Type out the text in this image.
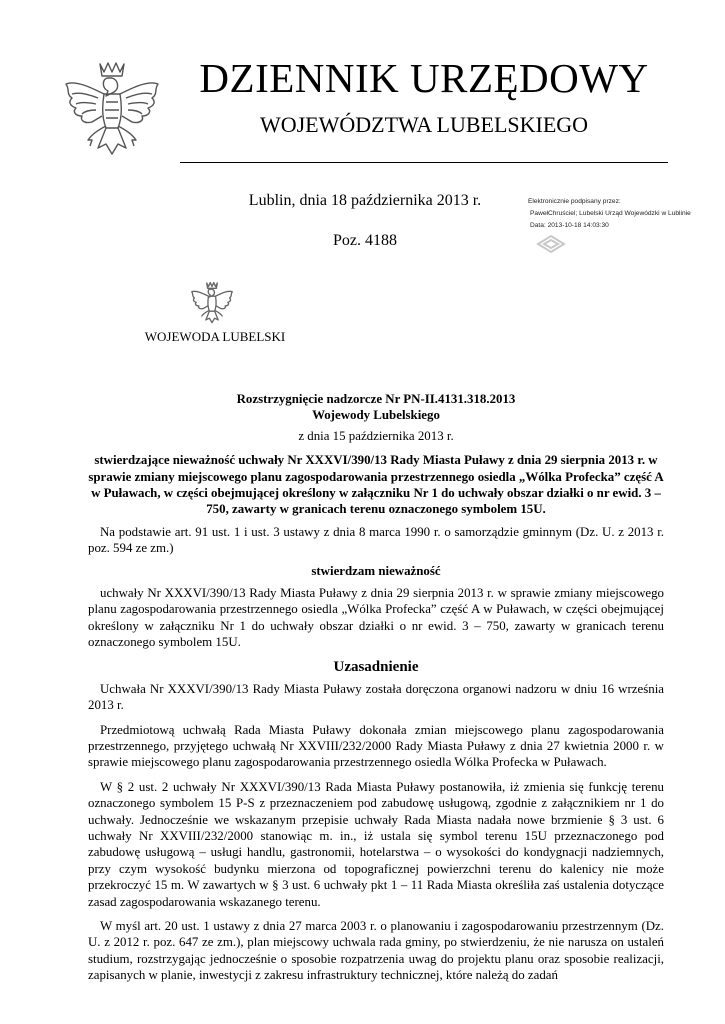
DZIENNIK URZĘDOWY
WOJEWÓDZTWA LUBELSKIEGO
Lublin, dnia 18 października 2013 r.
Poz. 4188
Elektronicznie podpisany przez:
PawełChruściel; Lubelski Urząd Wojewódzki w Lublinie
Data: 2013-10-18 14:03:30
WOJEWODA LUBELSKI

Rozstrzygnięcie nadzorcze Nr PN-II.4131.318.2013

Wojewody Lubelskiego

z dnia 15 października 2013 r.

stwierdzające nieważność uchwały Nr XXXVI/390/13 Rady Miasta Puławy z dnia 29 sierpnia 2013 r. w sprawie zmiany miejscowego planu zagospodarowania przestrzennego osiedla „Wólka Profecka” część A w Puławach, w części obejmującej określony w załączniku Nr 1 do uchwały obszar działki o nr ewid. 3 – 750, zawarty w granicach terenu oznaczonego symbolem 15U.

Na podstawie art. 91 ust. 1 i ust. 3 ustawy z dnia 8 marca 1990 r. o samorządzie gminnym (Dz. U. z 2013 r. poz. 594 ze zm.)

stwierdzam nieważność

uchwały Nr XXXVI/390/13 Rady Miasta Puławy z dnia 29 sierpnia 2013 r. w sprawie zmiany miejscowego planu zagospodarowania przestrzennego osiedla „Wólka Profecka” część A w Puławach, w części obejmującej określony w załączniku Nr 1 do uchwały obszar działki o nr ewid. 3 – 750, zawarty w granicach terenu oznaczonego symbolem 15U.

Uzasadnienie

Uchwała Nr XXXVI/390/13 Rady Miasta Puławy została doręczona organowi nadzoru w dniu 16 września 2013 r.

Przedmiotową uchwałą Rada Miasta Puławy dokonała zmian miejscowego planu zagospodarowania przestrzennego, przyjętego uchwałą Nr XXVIII/232/2000 Rady Miasta Puławy z dnia 27 kwietnia 2000 r. w sprawie miejscowego planu zagospodarowania przestrzennego osiedla Wólka Profecka w Puławach.

W § 2 ust. 2 uchwały Nr XXXVI/390/13 Rada Miasta Puławy postanowiła, iż zmienia się funkcję terenu oznaczonego symbolem 15 P-S z przeznaczeniem pod zabudowę usługową, zgodnie z załącznikiem nr 1 do uchwały. Jednocześnie we wskazanym przepisie uchwały Rada Miasta nadała nowe brzmienie § 3 ust. 6 uchwały Nr XXVIII/232/2000 stanowiąc m. in., iż ustala się symbol terenu 15U przeznaczonego pod zabudowę usługową – usługi handlu, gastronomii, hotelarstwa – o wysokości do kondygnacji nadziemnych, przy czym wysokość budynku mierzona od topograficznej powierzchni terenu do kalenicy nie może przekroczyć 15 m. W zawartych w § 3 ust. 6 uchwały pkt 1 – 11 Rada Miasta określiła zaś ustalenia dotyczące zasad zagospodarowania wskazanego terenu.

W myśl art. 20 ust. 1 ustawy z dnia 27 marca 2003 r. o planowaniu i zagospodarowaniu przestrzennym (Dz. U. z 2012 r. poz. 647 ze zm.), plan miejscowy uchwala rada gminy, po stwierdzeniu, że nie narusza on ustaleń studium, rozstrzygając jednocześnie o sposobie rozpatrzenia uwag do projektu planu oraz sposobie realizacji, zapisanych w planie, inwestycji z zakresu infrastruktury technicznej, które należą do zadań
